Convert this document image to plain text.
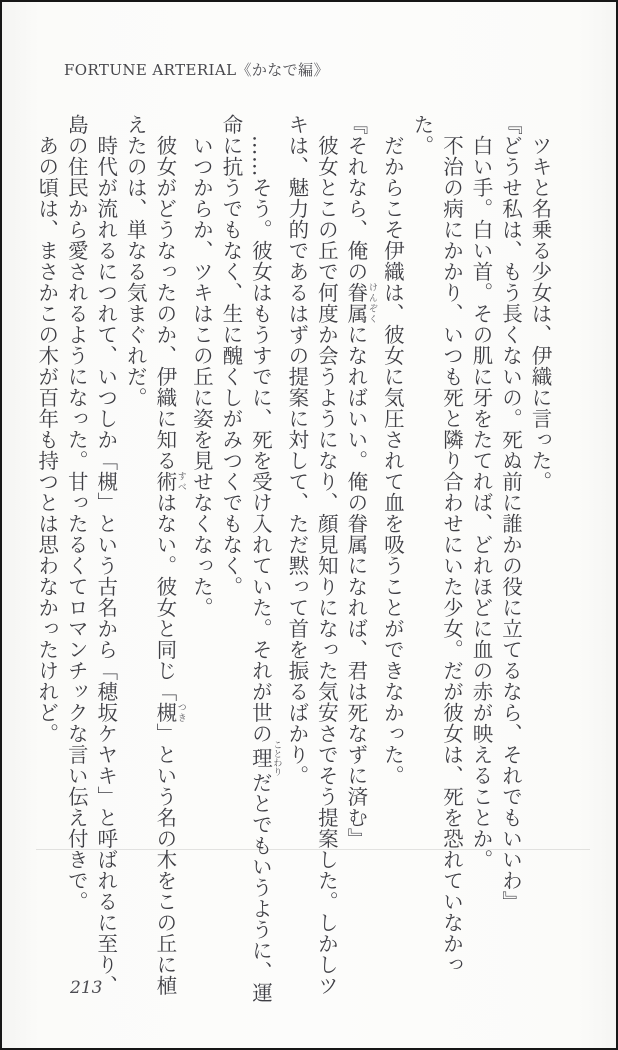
FORTUNE ARTERIAL《かなで編》

ツキと名乗る少女は、伊織に言った。

『どうせ私は、もう長くないの。死ぬ前に誰かの役に立てるなら、それでもいいわ』

白い手。白い首。その肌に牙をたてれば、どれほどに血の赤が映えることか。

不治の病にかかり、いつも死と隣り合わせにいた少女。だが彼女は、死を恐れていなかった。

だからこそ伊織は、彼女に気圧されて血を吸うことができなかった。

『それなら、俺の眷属 けんぞくになればいい。俺の眷属になれば、君は死なずに済む』

彼女とこの丘で何度か会うようになり、顔見知りになった気安さでそう提案した。しかしツキは、魅力的であるはずの提案に対して、ただ黙って首を振るばかり。

……そう。彼女はもうすでに、死を受け入れていた。それが世の理 ことわりだとでもいうように、運命に抗うでもなく、生に醜くしがみつくでもなく。

いつからか、ツキはこの丘に姿を見せなくなった。

彼女がどうなったのか、伊織に知る術 すべはない。彼女と同じ「槻 つき」という名の木をこの丘に植えたのは、単なる気まぐれだ。

時代が流れるにつれて、いつしか「槻」という古名から「穂坂ケヤキ」と呼ばれるに至り、島の住民から愛されるようになった。甘ったるくてロマンチックな言い伝え付きで。

あの頃は、まさかこの木が百年も持つとは思わなかったけれど。

213
